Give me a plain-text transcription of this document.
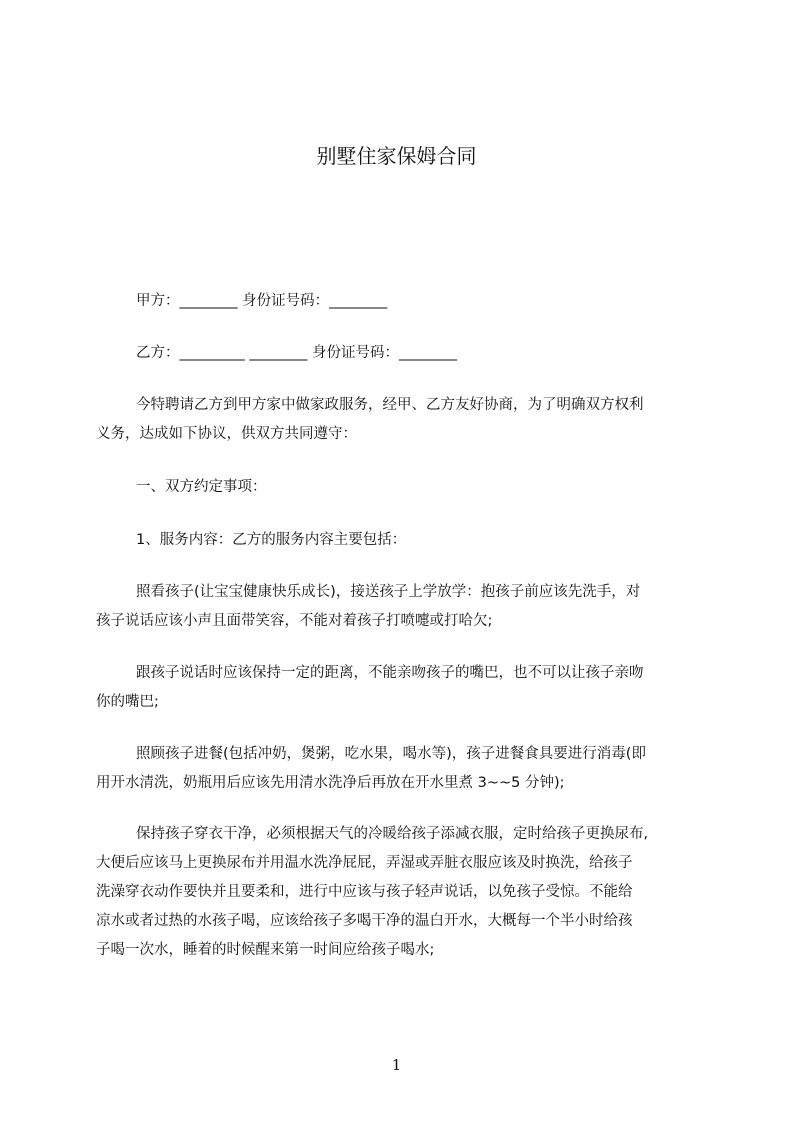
别墅住家保姆合同

甲方：________ 身份证号码：________

乙方：_________ ________ 身份证号码：________

今特聘请乙方到甲方家中做家政服务，经甲、乙方友好协商，为了明确双方权利
义务，达成如下协议，供双方共同遵守：

一、双方约定事项：

1、服务内容：乙方的服务内容主要包括：

照看孩子(让宝宝健康快乐成长)，接送孩子上学放学：抱孩子前应该先洗手，对
孩子说话应该小声且面带笑容，不能对着孩子打喷嚏或打哈欠;

跟孩子说话时应该保持一定的距离，不能亲吻孩子的嘴巴，也不可以让孩子亲吻
你的嘴巴;

照顾孩子进餐(包括冲奶，煲粥，吃水果，喝水等)，孩子进餐食具要进行消毒(即
用开水清洗，奶瓶用后应该先用清水洗净后再放在开水里煮 3~~5 分钟);

保持孩子穿衣干净，必须根据天气的冷暖给孩子添减衣服，定时给孩子更换尿布,
大便后应该马上更换尿布并用温水洗净屁屁，弄湿或弄脏衣服应该及时换洗，给孩子
洗澡穿衣动作要快并且要柔和，进行中应该与孩子轻声说话，以免孩子受惊。不能给
凉水或者过热的水孩子喝，应该给孩子多喝干净的温白开水，大概每一个半小时给孩
子喝一次水，睡着的时候醒来第一时间应给孩子喝水;

1
